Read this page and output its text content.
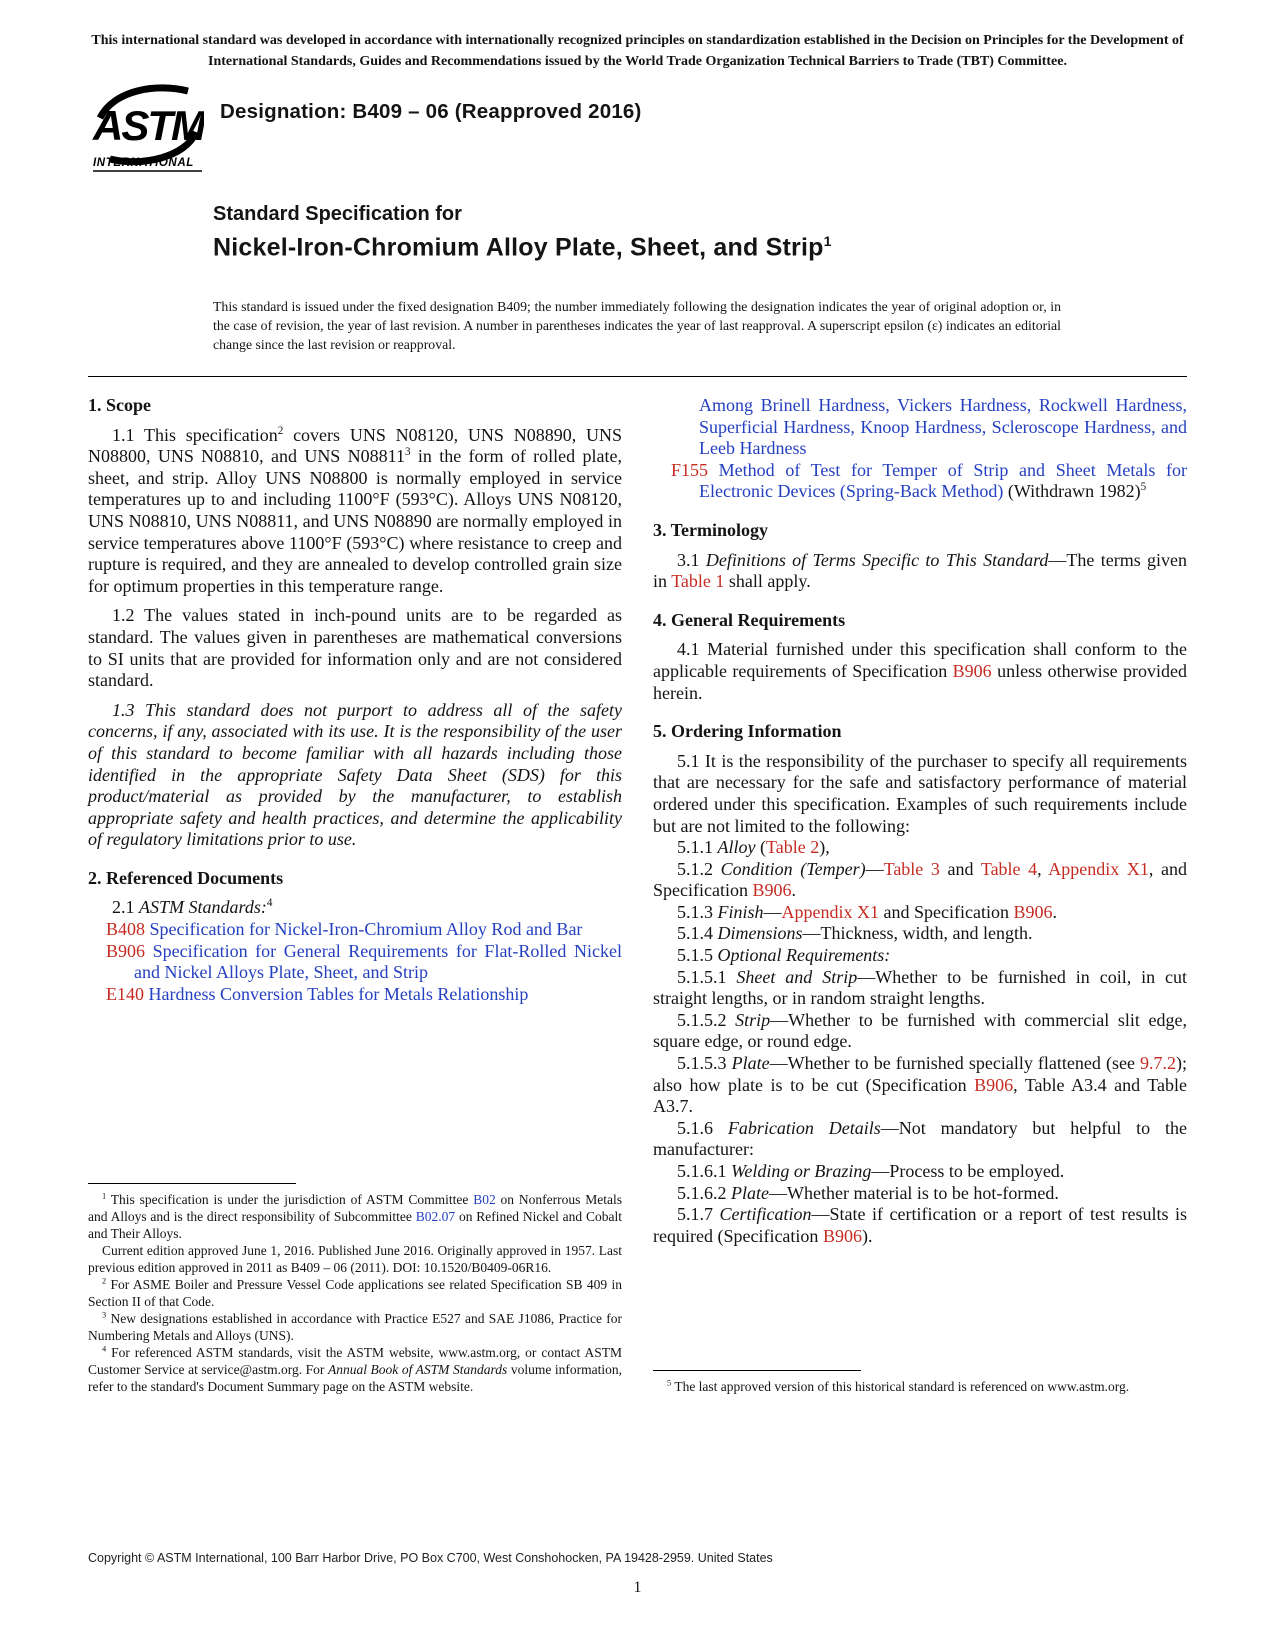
This international standard was developed in accordance with internationally recognized principles on standardization established in the Decision on Principles for the Development of International Standards, Guides and Recommendations issued by the World Trade Organization Technical Barriers to Trade (TBT) Committee.

ASTM
INTERNATIONAL
Designation: B409 – 06 (Reapproved 2016)
Standard Specification for
Nickel-Iron-Chromium Alloy Plate, Sheet, and Strip$^1$

This standard is issued under the fixed designation B409; the number immediately following the designation indicates the year of original adoption or, in the case of revision, the year of last revision. A number in parentheses indicates the year of last reapproval. A superscript epsilon (ε) indicates an editorial change since the last revision or reapproval.

1. Scope
1.1 This specification$^2$ covers UNS N08120, UNS N08890, UNS N08800, UNS N08810, and UNS N08811$^3$ in the form of rolled plate, sheet, and strip. Alloy UNS N08800 is normally employed in service temperatures up to and including 1100°F (593°C). Alloys UNS N08120, UNS N08810, UNS N08811, and UNS N08890 are normally employed in service temperatures above 1100°F (593°C) where resistance to creep and rupture is required, and they are annealed to develop controlled grain size for optimum properties in this temperature range.
1.2 The values stated in inch-pound units are to be regarded as standard. The values given in parentheses are mathematical conversions to SI units that are provided for information only and are not considered standard.
1.3 This standard does not purport to address all of the safety concerns, if any, associated with its use. It is the responsibility of the user of this standard to become familiar with all hazards including those identified in the appropriate Safety Data Sheet (SDS) for this product/material as provided by the manufacturer, to establish appropriate safety and health practices, and determine the applicability of regulatory limitations prior to use.
2. Referenced Documents
2.1 ASTM Standards:$^4$
B408 Specification for Nickel-Iron-Chromium Alloy Rod and Bar
B906 Specification for General Requirements for Flat-Rolled Nickel and Nickel Alloys Plate, Sheet, and Strip
E140 Hardness Conversion Tables for Metals Relationship
$^1$ This specification is under the jurisdiction of ASTM Committee B02 on Nonferrous Metals and Alloys and is the direct responsibility of Subcommittee B02.07 on Refined Nickel and Cobalt and Their Alloys.
Current edition approved June 1, 2016. Published June 2016. Originally approved in 1957. Last previous edition approved in 2011 as B409 – 06 (2011). DOI: 10.1520/B0409-06R16.
$^2$ For ASME Boiler and Pressure Vessel Code applications see related Specification SB 409 in Section II of that Code.
$^3$ New designations established in accordance with Practice E527 and SAE J1086, Practice for Numbering Metals and Alloys (UNS).
$^4$ For referenced ASTM standards, visit the ASTM website, www.astm.org, or contact ASTM Customer Service at service@astm.org. For Annual Book of ASTM Standards volume information, refer to the standard's Document Summary page on the ASTM website.
Among Brinell Hardness, Vickers Hardness, Rockwell Hardness, Superficial Hardness, Knoop Hardness, Scleroscope Hardness, and Leeb Hardness
F155 Method of Test for Temper of Strip and Sheet Metals for Electronic Devices (Spring-Back Method) (Withdrawn 1982)$^5$
3. Terminology
3.1 Definitions of Terms Specific to This Standard—The terms given in Table 1 shall apply.
4. General Requirements
4.1 Material furnished under this specification shall conform to the applicable requirements of Specification B906 unless otherwise provided herein.
5. Ordering Information
5.1 It is the responsibility of the purchaser to specify all requirements that are necessary for the safe and satisfactory performance of material ordered under this specification. Examples of such requirements include but are not limited to the following:
5.1.1 Alloy (Table 2),
5.1.2 Condition (Temper)—Table 3 and Table 4, Appendix X1, and Specification B906.
5.1.3 Finish—Appendix X1 and Specification B906.
5.1.4 Dimensions—Thickness, width, and length.
5.1.5 Optional Requirements:
5.1.5.1 Sheet and Strip—Whether to be furnished in coil, in cut straight lengths, or in random straight lengths.
5.1.5.2 Strip—Whether to be furnished with commercial slit edge, square edge, or round edge.
5.1.5.3 Plate—Whether to be furnished specially flattened (see 9.7.2); also how plate is to be cut (Specification B906, Table A3.4 and Table A3.7.
5.1.6 Fabrication Details—Not mandatory but helpful to the manufacturer:
5.1.6.1 Welding or Brazing—Process to be employed.
5.1.6.2 Plate—Whether material is to be hot-formed.
5.1.7 Certification—State if certification or a report of test results is required (Specification B906).
$^5$ The last approved version of this historical standard is referenced on www.astm.org.

Copyright © ASTM International, 100 Barr Harbor Drive, PO Box C700, West Conshohocken, PA 19428-2959. United States

1
